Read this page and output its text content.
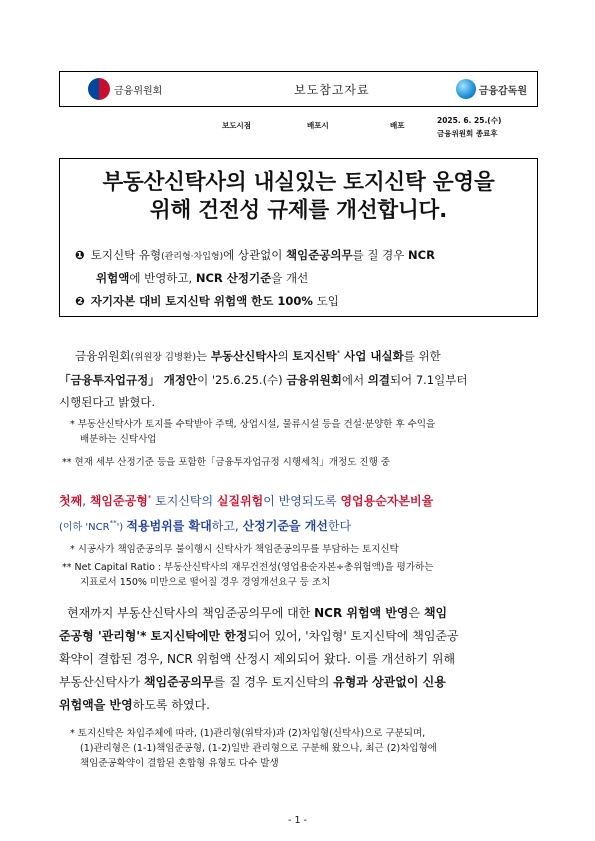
금융위원회	보도참고자료	금융감독원
보도시점	배포시	배포
2025. 6. 25.(수)
금융위원회 종료후
부동산신탁사의 내실있는 토지신탁 운영을
위해 건전성 규제를 개선합니다.
❶ 토지신탁 유형(관리형·차입형)에 상관없이 책임준공의무를 질 경우 NCR
위험액에 반영하고, NCR 산정기준을 개선
❷ 자기자본 대비 토지신탁 위험액 한도 100% 도입
금융위원회(위원장 김병환)는 부동산신탁사의 토지신탁* 사업 내실화를 위한
「금융투자업규정」 개정안이 '25.6.25.(수) 금융위원회에서 의결되어 7.1일부터
시행된다고 밝혔다.
* 부동산신탁사가 토지를 수탁받아 주택, 상업시설, 물류시설 등을 건설·분양한 후 수익을
배분하는 신탁사업
** 현재 세부 산정기준 등을 포함한「금융투자업규정 시행세칙」개정도 진행 중
첫째, 책임준공형* 토지신탁의 실질위험이 반영되도록 영업용순자본비율
(이하 'NCR**') 적용범위를 확대하고, 산정기준을 개선한다
* 시공사가 책임준공의무 불이행시 신탁사가 책임준공의무를 부담하는 토지신탁
** Net Capital Ratio : 부동산신탁사의 재무건전성(영업용순자본÷총위험액)을 평가하는
지표로서 150% 미만으로 떨어질 경우 경영개선요구 등 조치
현재까지 부동산신탁사의 책임준공의무에 대한 NCR 위험액 반영은 책임
준공형 '관리형'* 토지신탁에만 한정되어 있어, '차입형' 토지신탁에 책임준공
확약이 결합된 경우, NCR 위험액 산정시 제외되어 왔다. 이를 개선하기 위해
부동산신탁사가 책임준공의무를 질 경우 토지신탁의 유형과 상관없이 신용
위험액을 반영하도록 하였다.
* 토지신탁은 차입주체에 따라, (1)관리형(위탁자)과 (2)차입형(신탁사)으로 구분되며,
(1)관리형은 (1-1)책임준공형, (1-2)일반 관리형으로 구분해 왔으나, 최근 (2)차입형에
책임준공확약이 결합된 혼합형 유형도 다수 발생
- 1 -
